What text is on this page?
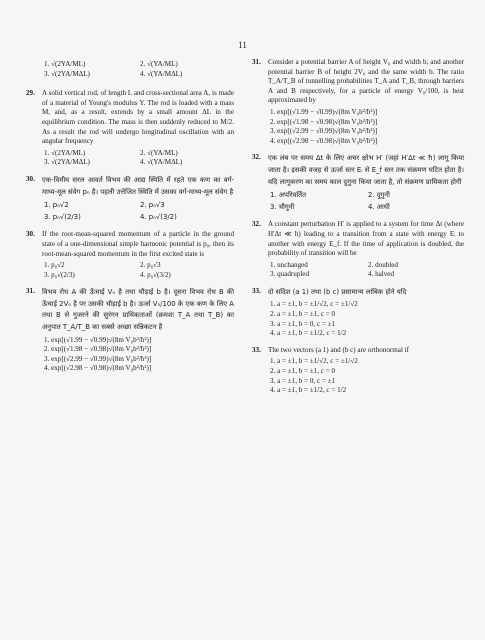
11
1. √(2YA/ML)	2. √(YA/ML)
3. √(2YA/MΔL)	4. √(YA/MΔL)
29. A solid vertical rod, of length L and cross-sectional area A, is made of a material of Young's modulus Y. The rod is loaded with a mass M, and, as a result, extends by a small amount ΔL in the equilibrium condition. The mass is then suddenly reduced to M/2. As a result the rod will undergo longitudinal oscillation with an angular frequency
1. √(2YA/ML)	2. √(YA/ML)
3. √(2YA/MΔL)	4. √(YA/MΔL)
30. एक-विमीय सरल आवर्त विभव की आद्य स्थिति में रहते एक कण का वर्ग-माध्य-मूल संवेग p₀ है। पहली उत्तेजित स्थिति में उसका वर्ग-माध्य-मूल संवेग है
1. p₀√2	2. p₀√3
3. p₀√(2/3)	4. p₀√(3/2)
30. If the root-mean-squared momentum of a particle in the ground state of a one-dimensional simple harmonic potential is p₀, then its root-mean-squared momentum in the first excited state is
1. p₀√2	2. p₀√3
3. p₀√(2/3)	4. p₀√(3/2)
31. विभव रोध A की ऊँचाई V₀ है तथा चौड़ाई b है। दूसरा विभव रोध B की ऊँचाई 2V₀ है पर उसकी चौड़ाई b है। ऊर्जा V₀/100 के एक कण के लिए A तथा B से गुजरने की सुरंगन प्रायिकताओं (क्रमशः T_A तथा T_B) का अनुपात T_A/T_B का सबसे अच्छा सन्निकटन है
1. exp[(√1.99 − √0.99)√(8m V₀b²/ħ²)]
2. exp[(√1.98 − √0.98)√(8m V₀b²/ħ²)]
3. exp[(√2.99 − √0.99)√(8m V₀b²/ħ²)]
4. exp[(√2.98 − √0.98)√(8m V₀b²/ħ²)]
31. Consider a potential barrier A of height V₀ and width b, and another potential barrier B of height 2V₀ and the same width b. The ratio T_A/T_B of tunnelling probabilities T_A and T_B, through barriers A and B respectively, for a particle of energy V₀/100, is best approximated by
1. exp[(√1.99 − √0.99)√(8m V₀b²/ħ²)]
2. exp[(√1.98 − √0.98)√(8m V₀b²/ħ²)]
3. exp[(√2.99 − √0.99)√(8m V₀b²/ħ²)]
4. exp[(√2.98 − √0.98)√(8m V₀b²/ħ²)]
32. एक लंब पर समय Δt के लिए अचर क्षोभ H′ (जहां H′Δt ≪ ħ) लागू किया जाता है। इसकी वजह से ऊर्जा स्तर Eᵢ से E_f स्तर तक संक्रमण घटित होता है। यदि लागूकरण का समय काल दुगुना किया जाता है, तो संक्रमण प्रायिकता होगी
1. अपरिवर्तित	2. दुगुनी
3. चौगुनी	4. आधी
32. A constant perturbation H′ is applied to a system for time Δt (where H′Δt ≪ ħ) leading to a transition from a state with energy Eᵢ to another with energy E_f. If the time of application is doubled, the probability of transition will be
1. unchanged	2. doubled
3. quadrupled	4. halved
33. दो सदिश (a 1) तथा (b c) प्रसामान्य लांबिक होने यदि
1. a = ±1, b = ±1/√2, c = ±1/√2
2. a = ±1, b = ±1, c = 0
3. a = ±1, b = 0, c = ±1
4. a = ±1, b = ±1/2, c = 1/2
33. The two vectors (a 1) and (b c) are orthonormal if
1. a = ±1, b = ±1/√2, c = ±1/√2
2. a = ±1, b = ±1, c = 0
3. a = ±1, b = 0, c = ±1
4. a = ±1, b = ±1/2, c = 1/2
